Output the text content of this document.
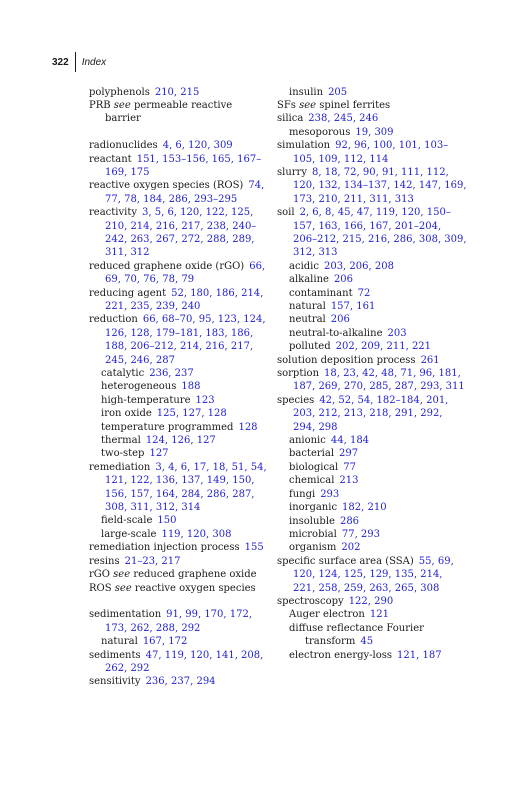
322 Index
polyphenols  210, 215
PRB see permeable reactive barrier
radionuclides  4, 6, 120, 309
reactant  151, 153–156, 165, 167–169, 175
reactive oxygen species (ROS)  74, 77, 78, 184, 286, 293–295
reactivity  3, 5, 6, 120, 122, 125, 210, 214, 216, 217, 238, 240–242, 263, 267, 272, 288, 289, 311, 312
reduced graphene oxide (rGO)  66, 69, 70, 76, 78, 79
reducing agent  52, 180, 186, 214, 221, 235, 239, 240
reduction  66, 68–70, 95, 123, 124, 126, 128, 179–181, 183, 186, 188, 206–212, 214, 216, 217, 245, 246, 287
catalytic  236, 237
heterogeneous  188
high-temperature  123
iron oxide  125, 127, 128
temperature programmed  128
thermal  124, 126, 127
two-step  127
remediation  3, 4, 6, 17, 18, 51, 54, 121, 122, 136, 137, 149, 150, 156, 157, 164, 284, 286, 287, 308, 311, 312, 314
field-scale  150
large-scale  119, 120, 308
remediation injection process  155
resins  21–23, 217
rGO see reduced graphene oxide
ROS see reactive oxygen species
sedimentation  91, 99, 170, 172, 173, 262, 288, 292
natural  167, 172
sediments  47, 119, 120, 141, 208, 262, 292
sensitivity  236, 237, 294
insulin  205
SFs see spinel ferrites
silica  238, 245, 246
mesoporous  19, 309
simulation  92, 96, 100, 101, 103–105, 109, 112, 114
slurry  8, 18, 72, 90, 91, 111, 112, 120, 132, 134–137, 142, 147, 169, 173, 210, 211, 311, 313
soil  2, 6, 8, 45, 47, 119, 120, 150–157, 163, 166, 167, 201–204, 206–212, 215, 216, 286, 308, 309, 312, 313
acidic  203, 206, 208
alkaline  206
contaminant  72
natural  157, 161
neutral  206
neutral-to-alkaline  203
polluted  202, 209, 211, 221
solution deposition process  261
sorption  18, 23, 42, 48, 71, 96, 181, 187, 269, 270, 285, 287, 293, 311
species  42, 52, 54, 182–184, 201, 203, 212, 213, 218, 291, 292, 294, 298
anionic  44, 184
bacterial  297
biological  77
chemical  213
fungi  293
inorganic  182, 210
insoluble  286
microbial  77, 293
organism  202
specific surface area (SSA)  55, 69, 120, 124, 125, 129, 135, 214, 221, 258, 259, 263, 265, 308
spectroscopy  122, 290
Auger electron  121
diffuse reflectance Fourier transform  45
electron energy-loss  121, 187
